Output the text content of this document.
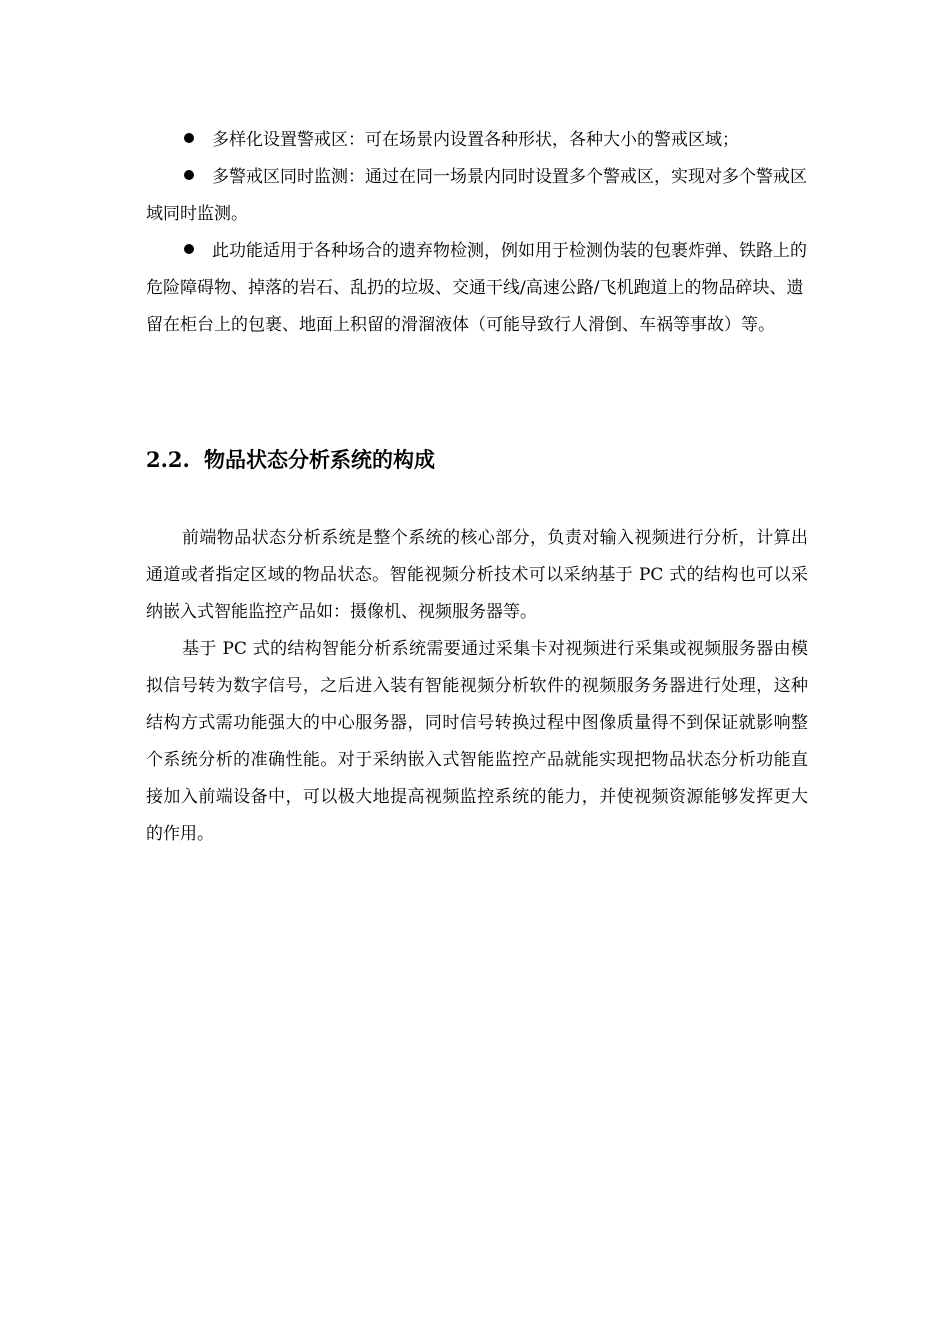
多样化设置警戒区：可在场景内设置各种形状，各种大小的警戒区域；

多警戒区同时监测：通过在同一场景内同时设置多个警戒区，实现对多个警戒区域同时监测。

此功能适用于各种场合的遗弃物检测，例如用于检测伪装的包裹炸弹、铁路上的危险障碍物、掉落的岩石、乱扔的垃圾、交通干线/高速公路/飞机跑道上的物品碎块、遗留在柜台上的包裹、地面上积留的滑溜液体（可能导致行人滑倒、车祸等事故）等。

2.2. 物品状态分析系统的构成

前端物品状态分析系统是整个系统的核心部分，负责对输入视频进行分析，计算出通道或者指定区域的物品状态。智能视频分析技术可以采纳基于 PC 式的结构也可以采纳嵌入式智能监控产品如：摄像机、视频服务器等。

基于 PC 式的结构智能分析系统需要通过采集卡对视频进行采集或视频服务器由模拟信号转为数字信号，之后进入装有智能视频分析软件的视频服务务器进行处理，这种结构方式需功能强大的中心服务器，同时信号转换过程中图像质量得不到保证就影响整个系统分析的准确性能。对于采纳嵌入式智能监控产品就能实现把物品状态分析功能直接加入前端设备中，可以极大地提高视频监控系统的能力，并使视频资源能够发挥更大的作用。
